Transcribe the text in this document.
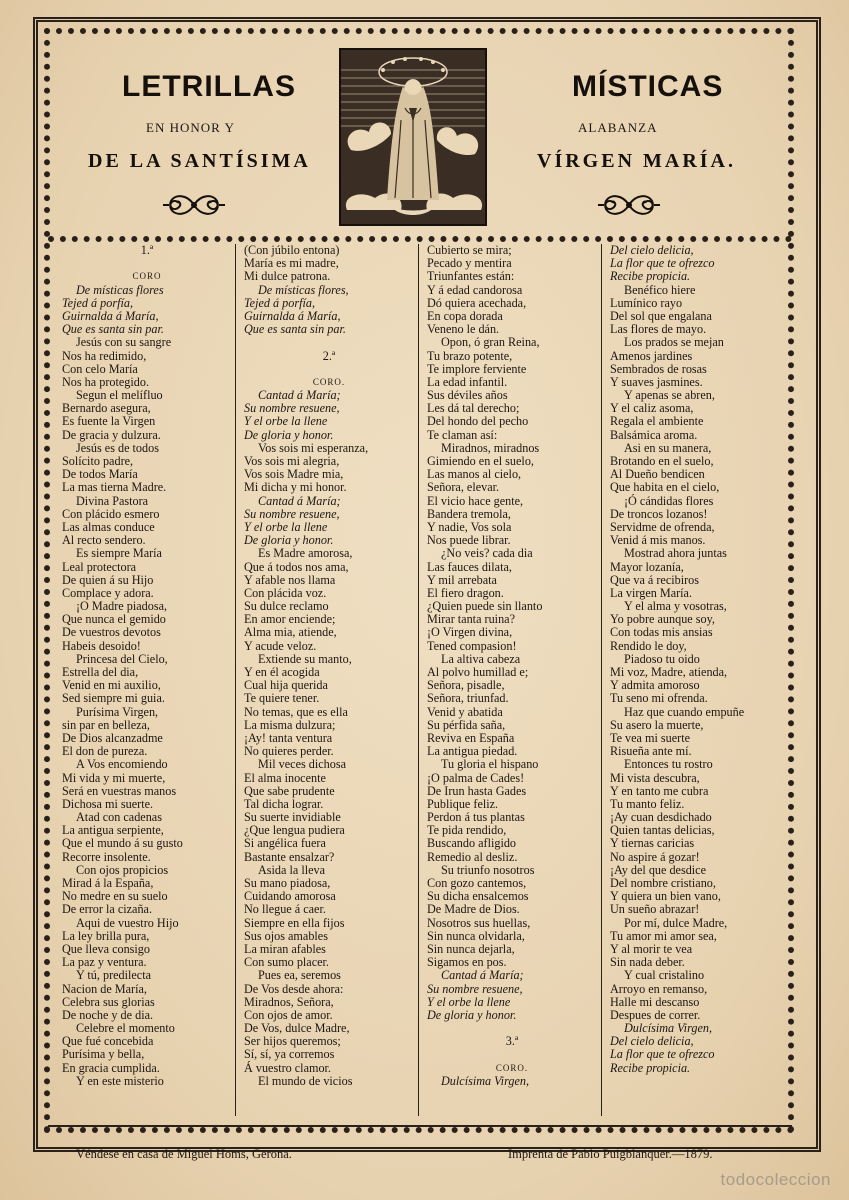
LETRILLAS	MÍSTICAS
EN HONOR Y	ALABANZA
DE LA SANTÍSIMA	VÍRGEN MARÍA.
1.ª
CORO
De místicas flores
Tejed á porfía,
Guirnalda á María,
Que es santa sin par.
Jesús con su sangre
Nos ha redimido,
Con celo María
Nos ha protegido.
Segun el melífluo
Bernardo asegura,
Es fuente la Virgen
De gracia y dulzura.
Jesús es de todos
Solícito padre,
De todos María
La mas tierna Madre.
Divina Pastora
Con plácido esmero
Las almas conduce
Al recto sendero.
Es siempre María
Leal protectora
De quien á su Hijo
Complace y adora.
¡O Madre piadosa,
Que nunca el gemido
De vuestros devotos
Habeis desoido!
Princesa del Cielo,
Estrella del dia,
Venid en mi auxilio,
Sed siempre mi guia.
Purísima Virgen,
sin par en belleza,
De Dios alcanzadme
El don de pureza.
A Vos encomiendo
Mi vida y mi muerte,
Será en vuestras manos
Dichosa mi suerte.
Atad con cadenas
La antigua serpiente,
Que el mundo á su gusto
Recorre insolente.
Con ojos propicios
Mirad á la España,
No medre en su suelo
De error la cizaña.
Aqui de vuestro Hijo
La ley brilla pura,
Que lleva consigo
La paz y ventura.
Y tú, predilecta
Nacion de María,
Celebra sus glorias
De noche y de dia.
Celebre el momento
Que fué concebida
Purísima y bella,
En gracia cumplida.
Y en este misterio
(Con júbilo entona)
María es mi madre,
Mi dulce patrona.
De místicas flores,
Tejed á porfía,
Guirnalda á María,
Que es santa sin par.
2.ª
CORO.
Cantad á María;
Su nombre resuene,
Y el orbe la llene
De gloria y honor.
Vos sois mi esperanza,
Vos sois mi alegria,
Vos sois Madre mia,
Mi dicha y mi honor.
Cantad á María;
Su nombre resuene,
Y el orbe la llene
De gloria y honor.
Es Madre amorosa,
Que á todos nos ama,
Y afable nos llama
Con plácida voz.
Su dulce reclamo
En amor enciende;
Alma mia, atiende,
Y acude veloz.
Extiende su manto,
Y en él acogida
Cual hija querida
Te quiere tener.
No temas, que es ella
La misma dulzura;
¡Ay! tanta ventura
No quieres perder.
Mil veces dichosa
El alma inocente
Que sabe prudente
Tal dicha lograr.
Su suerte invidiable
¿Que lengua pudiera
Si angélica fuera
Bastante ensalzar?
Asida la lleva
Su mano piadosa,
Cuidando amorosa
No llegue á caer.
Siempre en ella fijos
Sus ojos amables
La miran afables
Con sumo placer.
Pues ea, seremos
De Vos desde ahora:
Miradnos, Señora,
Con ojos de amor.
De Vos, dulce Madre,
Ser hijos queremos;
Sí, sí, ya corremos
Á vuestro clamor.
El mundo de vicios
Cubierto se mira;
Pecado y mentira
Triunfantes están:
Y á edad candorosa
Dó quiera acechada,
En copa dorada
Veneno le dán.
Opon, ó gran Reina,
Tu brazo potente,
Te implore ferviente
La edad infantil.
Sus déviles años
Les dá tal derecho;
Del hondo del pecho
Te claman así:
Miradnos, miradnos
Gimiendo en el suelo,
Las manos al cielo,
Señora, elevar.
El vicio hace gente,
Bandera tremola,
Y nadie, Vos sola
Nos puede librar.
¿No veis? cada dia
Las fauces dilata,
Y mil arrebata
El fiero dragon.
¿Quien puede sin llanto
Mirar tanta ruina?
¡O Virgen divina,
Tened compasion!
La altiva cabeza
Al polvo humillad e;
Señora, pisadle,
Señora, triunfad.
Venid y abatida
Su pérfida saña,
Reviva en España
La antigua piedad.
Tu gloria el hispano
¡O palma de Cades!
De Irun hasta Gades
Publique feliz.
Perdon á tus plantas
Te pida rendido,
Buscando afligido
Remedio al desliz.
Su triunfo nosotros
Con gozo cantemos,
Su dicha ensalcemos
De Madre de Dios.
Nosotros sus huellas,
Sin nunca olvidarla,
Sin nunca dejarla,
Sigamos en pos.
Cantad á María;
Su nombre resuene,
Y el orbe la llene
De gloria y honor.
3.ª
CORO.
Dulcísima Virgen,
Del cielo delicia,
La flor que te ofrezco
Recibe propicia.
Benéfico hiere
Lumínico rayo
Del sol que engalana
Las flores de mayo.
Los prados se mejan
Amenos jardines
Sembrados de rosas
Y suaves jasmines.
Y apenas se abren,
Y el caliz asoma,
Regala el ambiente
Balsámica aroma.
Asi en su manera,
Brotando en el suelo,
Al Dueño bendicen
Que habita en el cielo,
¡Ó cándidas flores
De troncos lozanos!
Servidme de ofrenda,
Venid á mis manos.
Mostrad ahora juntas
Mayor lozanía,
Que va á recibiros
La virgen María.
Y el alma y vosotras,
Yo pobre aunque soy,
Con todas mis ansias
Rendido le doy,
Piadoso tu oido
Mi voz, Madre, atienda,
Y admita amoroso
Tu seno mi ofrenda.
Haz que cuando empuñe
Su asero la muerte,
Te vea mi suerte
Risueña ante mí.
Entonces tu rostro
Mi vista descubra,
Y en tanto me cubra
Tu manto feliz.
¡Ay cuan desdichado
Quien tantas delicias,
Y tiernas caricias
No aspire á gozar!
¡Ay del que desdice
Del nombre cristiano,
Y quiera un bien vano,
Un sueño abrazar!
Por mí, dulce Madre,
Tu amor mi amor sea,
Y al morir te vea
Sin nada deber.
Y cual cristalino
Arroyo en remanso,
Halle mi descanso
Despues de correr.
Dulcísima Virgen,
Del cielo delicia,
La flor que te ofrezco
Recibe propicia.
Véndese en casa de Miguel Homs, Gerona.	Imprenta de Pablo Puigblanquer.—1879.
todocoleccion
